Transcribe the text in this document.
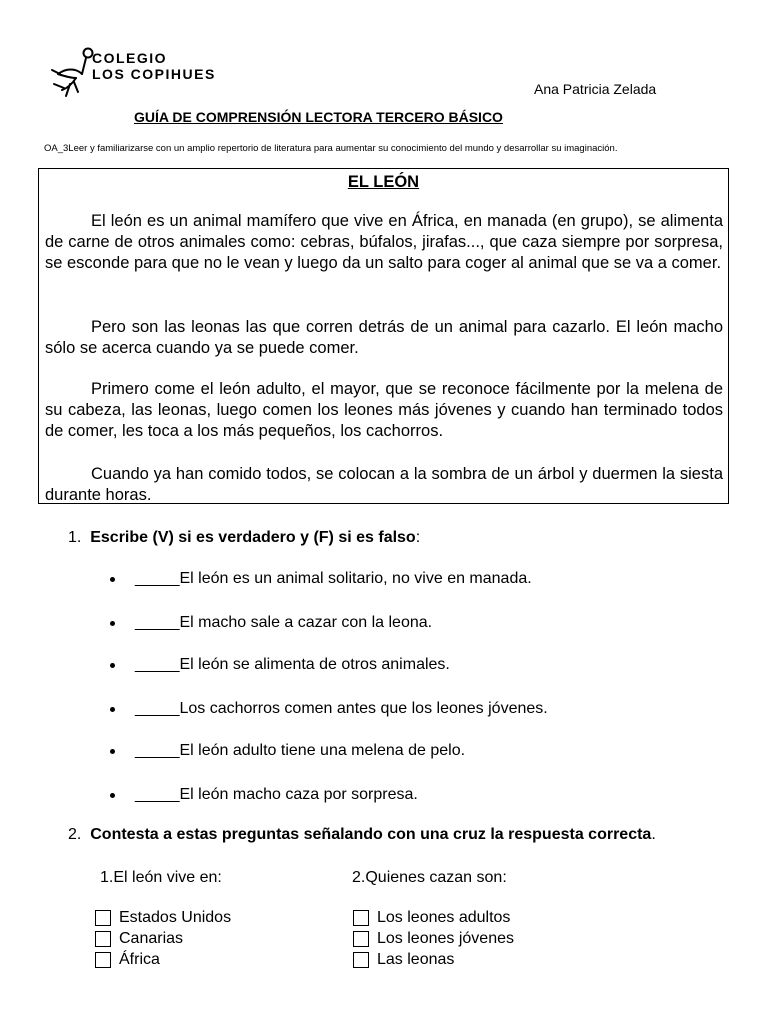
COLEGIO
LOS COPIHUES
Ana Patricia Zelada
GUÍA DE COMPRENSIÓN LECTORA TERCERO BÁSICO
OA_3Leer y familiarizarse con un amplio repertorio de literatura para aumentar su conocimiento del mundo y desarrollar su imaginación.
EL LEÓN

El león es un animal mamífero que vive en África, en manada (en grupo), se alimenta de carne de otros animales como: cebras, búfalos, jirafas..., que caza siempre por sorpresa, se esconde para que no le vean y luego da un salto para coger al animal que se va a comer.

Pero son las leonas las que corren detrás de un animal para cazarlo. El león macho sólo se acerca cuando ya se puede comer.

Primero come el león adulto, el mayor, que se reconoce fácilmente por la melena de su cabeza, las leonas, luego comen los leones más jóvenes y cuando han terminado todos de comer, les toca a los más pequeños, los cachorros.

Cuando ya han comido todos, se colocan a la sombra de un árbol y duermen la siesta durante horas.

1. Escribe (V) si es verdadero y (F) si es falso:
_____El león es un animal solitario, no vive en manada.
_____El macho sale a cazar con la leona.
_____El león se alimenta de otros animales.
_____Los cachorros comen antes que los leones jóvenes.
_____El león adulto tiene una melena de pelo.
_____El león macho caza por sorpresa.
2. Contesta a estas preguntas señalando con una cruz la respuesta correcta.
1.El león vive en:	2.Quienes cazan son:
Estados Unidos
Canarias
África
Los leones adultos
Los leones jóvenes
Las leonas
